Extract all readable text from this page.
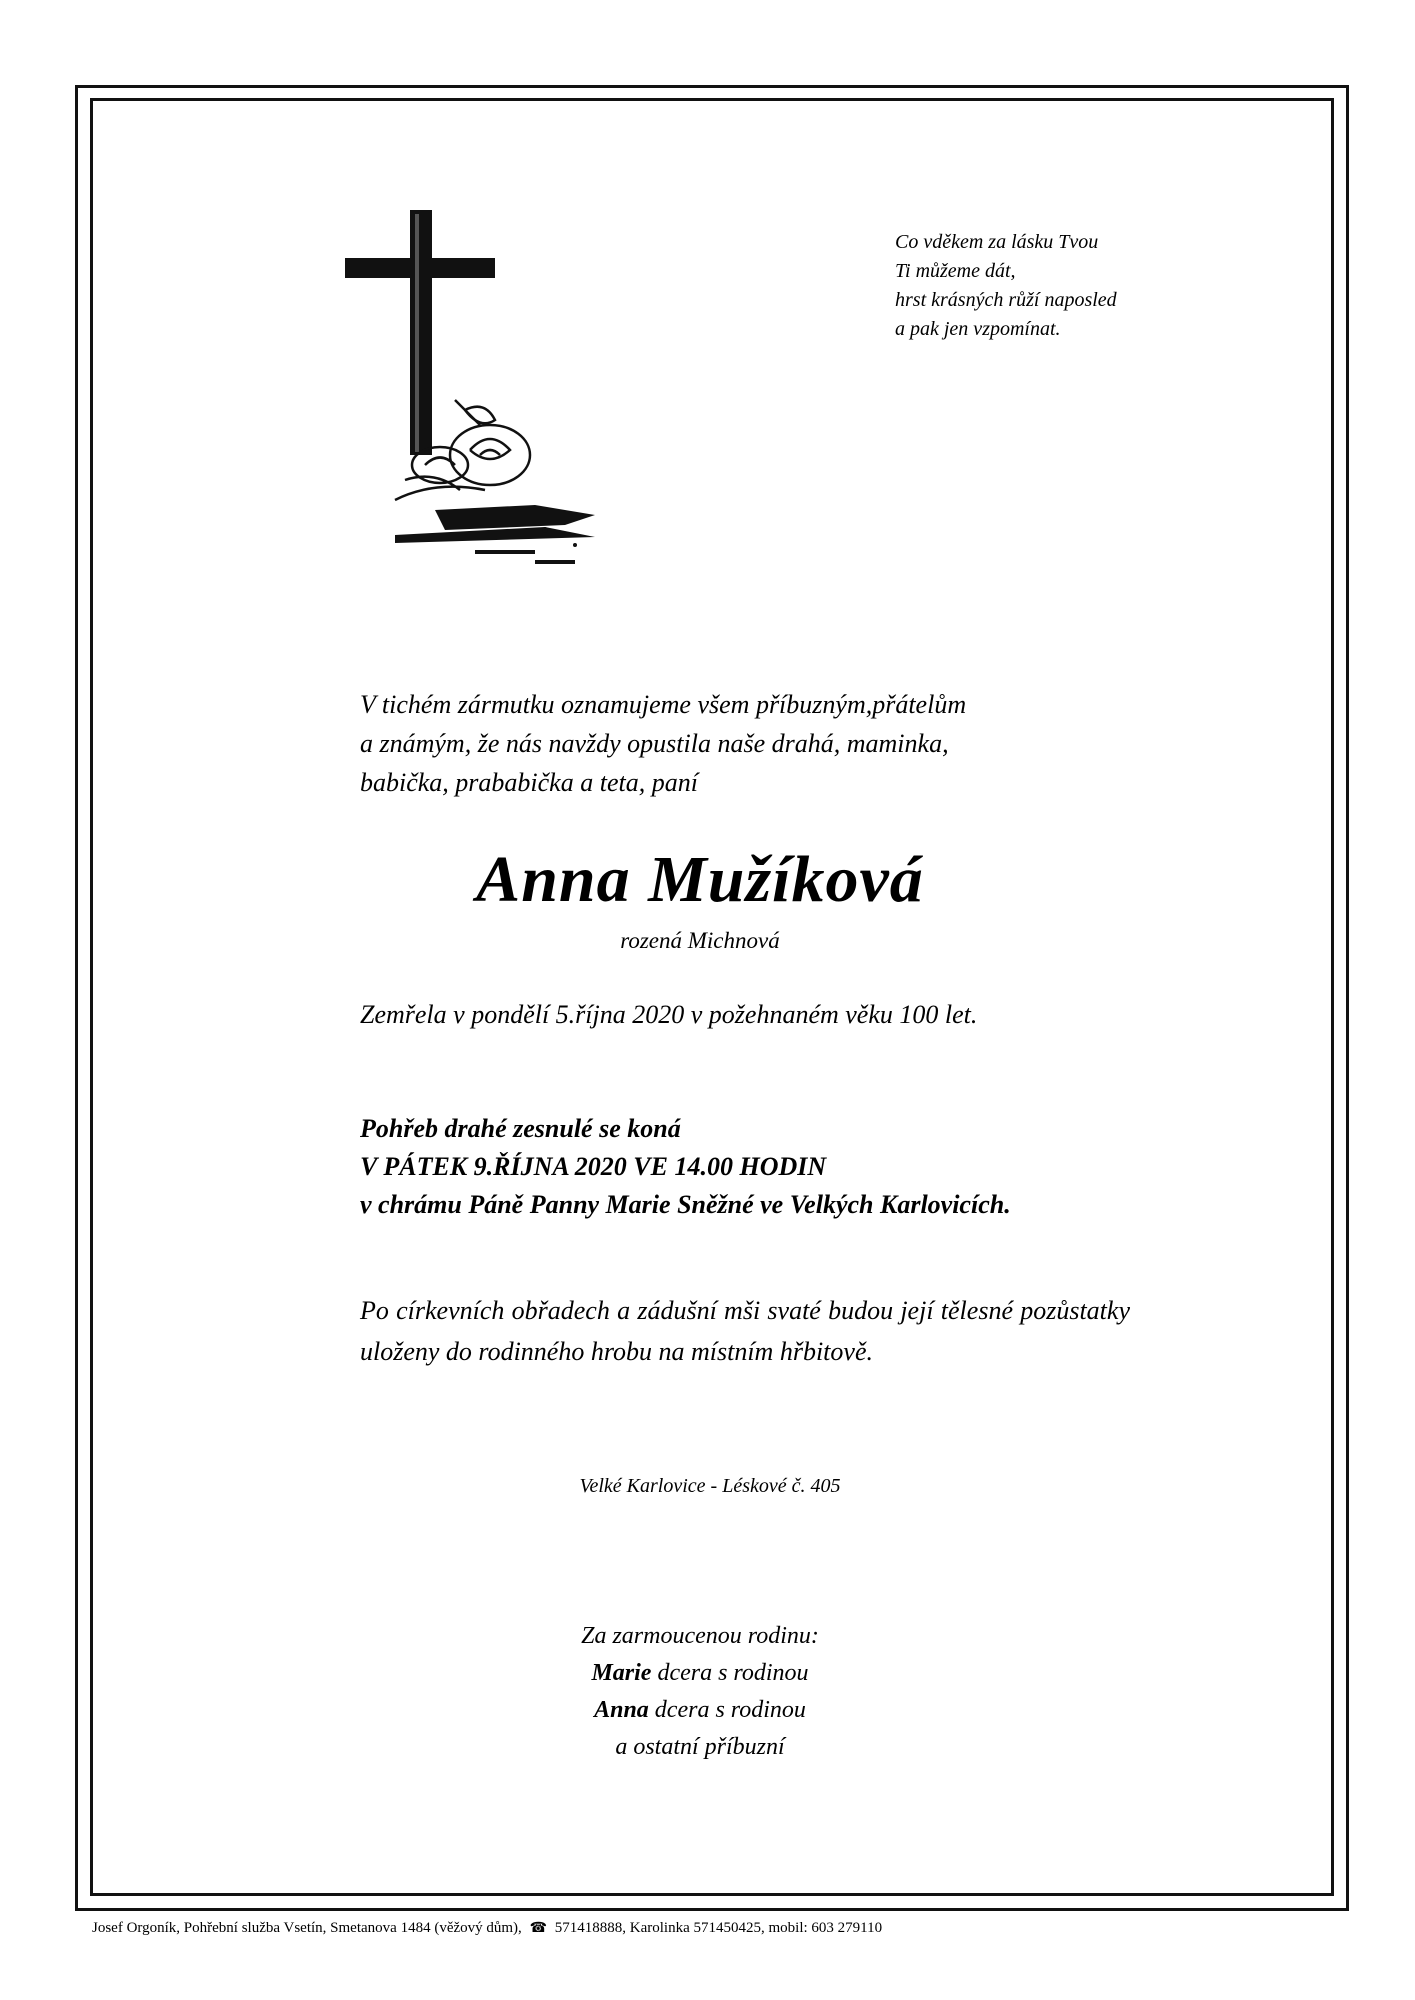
Co vděkem za lásku Tvou
Ti můžeme dát,
hrst krásných růží naposled
a pak jen vzpomínat.
V tichém zármutku oznamujeme všem příbuzným,přátelům
a známým, že nás navždy opustila naše drahá, maminka,
babička, prababička a teta, paní
Anna Mužíková
rozená Michnová
Zemřela v pondělí 5.října 2020 v požehnaném věku 100 let.
Pohřeb drahé zesnulé se koná
V PÁTEK 9.ŘÍJNA 2020 VE 14.00 HODIN
v chrámu Páně Panny Marie Sněžné ve Velkých Karlovicích.
Po církevních obřadech a zádušní mši svaté budou její tělesné pozůstatky uloženy do rodinného hrobu na místním hřbitově.
Velké Karlovice - Léskové č. 405
Za zarmoucenou rodinu:
Marie dcera s rodinou
Anna dcera s rodinou
a ostatní příbuzní
Josef Orgoník, Pohřební služba Vsetín, Smetanova 1484 (věžový dům), ☎ 571418888, Karolinka 571450425, mobil: 603 279110
